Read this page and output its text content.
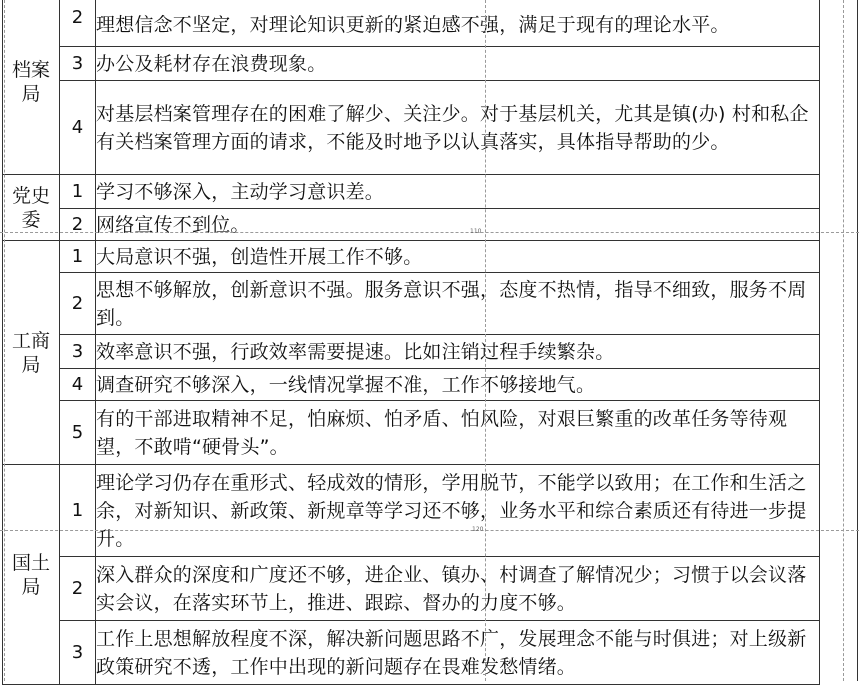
档案
局	2	理想信念不坚定，对理论知识更新的紧迫感不强，满足于现有的理论水平。
	3	办公及耗材存在浪费现象。
	4	对基层档案管理存在的困难了解少、关注少。对于基层机关，尤其是镇(办) 村和私企有关档案管理方面的请求，不能及时地予以认真落实，具体指导帮助的少。

党史
委	1	学习不够深入，主动学习意识差。
	2	网络宣传不到位。

工商
局	1	大局意识不强，创造性开展工作不够。
	2	思想不够解放，创新意识不强。服务意识不强，态度不热情，指导不细致，服务不周到。
	3	效率意识不强，行政效率需要提速。比如注销过程手续繁杂。
	4	调查研究不够深入，一线情况掌握不准，工作不够接地气。
	5	有的干部进取精神不足，怕麻烦、怕矛盾、怕风险，对艰巨繁重的改革任务等待观望，不敢啃“硬骨头”。

国土
局	1	理论学习仍存在重形式、轻成效的情形，学用脱节，不能学以致用；在工作和生活之余，对新知识、新政策、新规章等学习还不够，业务水平和综合素质还有待进一步提升。
	2	深入群众的深度和广度还不够，进企业、镇办、村调查了解情况少；习惯于以会议落实会议，在落实环节上，推进、跟踪、督办的力度不够。
	3	工作上思想解放程度不深，解决新问题思路不广，发展理念不能与时俱进；对上级新政策研究不透，工作中出现的新问题存在畏难发愁情绪。
110
120
